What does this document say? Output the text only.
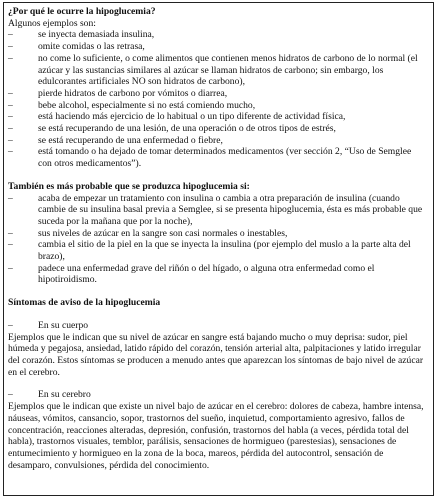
¿Por qué le ocurre la hipoglucemia?

Algunos ejemplos son:

– se inyecta demasiada insulina,
– omite comidas o las retrasa,
– no come lo suficiente, o come alimentos que contienen menos hidratos de carbono de lo normal (el azúcar y las sustancias similares al azúcar se llaman hidratos de carbono; sin embargo, los edulcorantes artificiales NO son hidratos de carbono),
– pierde hidratos de carbono por vómitos o diarrea,
– bebe alcohol, especialmente si no está comiendo mucho,
– está haciendo más ejercicio de lo habitual o un tipo diferente de actividad física,
– se está recuperando de una lesión, de una operación o de otros tipos de estrés,
– se está recuperando de una enfermedad o fiebre,
– está tomando o ha dejado de tomar determinados medicamentos (ver sección 2, “Uso de Semglee con otros medicamentos”).

También es más probable que se produzca hipoglucemia si:

– acaba de empezar un tratamiento con insulina o cambia a otra preparación de insulina (cuando cambie de su insulina basal previa a Semglee, si se presenta hipoglucemia, ésta es más probable que suceda por la mañana que por la noche),
– sus niveles de azúcar en la sangre son casi normales o inestables,
– cambia el sitio de la piel en la que se inyecta la insulina (por ejemplo del muslo a la parte alta del brazo),
– padece una enfermedad grave del riñón o del hígado, o alguna otra enfermedad como el hipotiroidismo.

Síntomas de aviso de la hipoglucemia

–	En su cuerpo

Ejemplos que le indican que su nivel de azúcar en sangre está bajando mucho o muy deprisa: sudor, piel húmeda y pegajosa, ansiedad, latido rápido del corazón, tensión arterial alta, palpitaciones y latido irregular del corazón. Estos síntomas se producen a menudo antes que aparezcan los síntomas de bajo nivel de azúcar en el cerebro.

–	En su cerebro

Ejemplos que le indican que existe un nivel bajo de azúcar en el cerebro: dolores de cabeza, hambre intensa, náuseas, vómitos, cansancio, sopor, trastornos del sueño, inquietud, comportamiento agresivo, fallos de concentración, reacciones alteradas, depresión, confusión, trastornos del habla (a veces, pérdida total del habla), trastornos visuales, temblor, parálisis, sensaciones de hormigueo (parestesias), sensaciones de entumecimiento y hormigueo en la zona de la boca, mareos, pérdida del autocontrol, sensación de desamparo, convulsiones, pérdida del conocimiento.
